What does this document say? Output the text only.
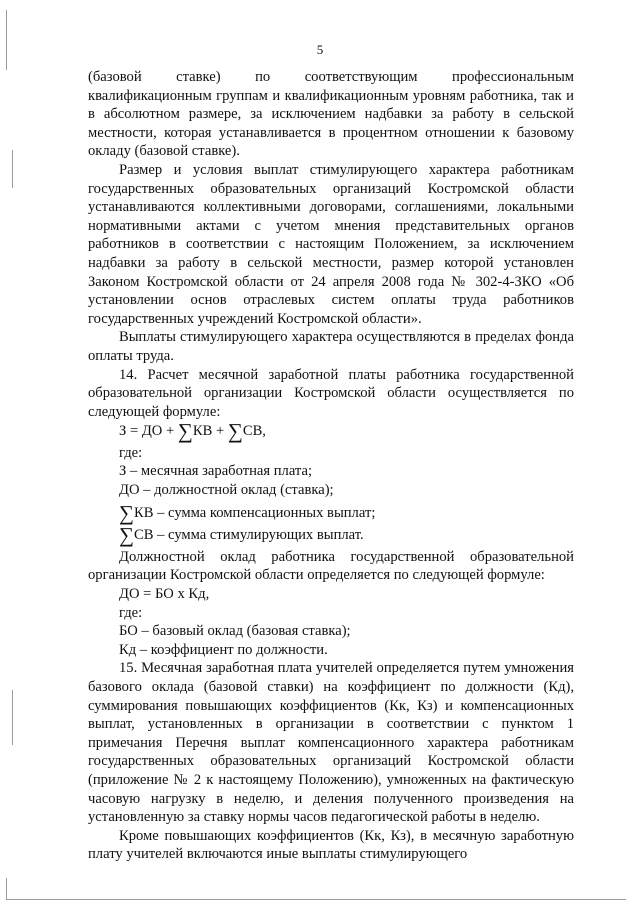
5

(базовой ставке) по соответствующим профессиональным квалификационным группам и квалификационным уровням работника, так и в абсолютном размере, за исключением надбавки за работу в сельской местности, которая устанавливается в процентном отношении к базовому окладу (базовой ставке).

Размер и условия выплат стимулирующего характера работникам государственных образовательных организаций Костромской области устанавливаются коллективными договорами, соглашениями, локальными нормативными актами с учетом мнения представительных органов работников в соответствии с настоящим Положением, за исключением надбавки за работу в сельской местности, размер которой установлен Законом Костромской области от 24 апреля 2008 года № 302-4-ЗКО «Об установлении основ отраслевых систем оплаты труда работников государственных учреждений Костромской области».

Выплаты стимулирующего характера осуществляются в пределах фонда оплаты труда.

14. Расчет месячной заработной платы работника государственной образовательной организации Костромской области осуществляется по следующей формуле:

З = ДО + ∑КВ + ∑СВ,
где:
З – месячная заработная плата;
ДО – должностной оклад (ставка);
∑КВ – сумма компенсационных выплат;
∑СВ – сумма стимулирующих выплат.

Должностной оклад работника государственной образовательной организации Костромской области определяется по следующей формуле:

ДО = БО х Кд,
где:
БО – базовый оклад (базовая ставка);
Кд – коэффициент по должности.

15. Месячная заработная плата учителей определяется путем умножения базового оклада (базовой ставки) на коэффициент по должности (Кд), суммирования повышающих коэффициентов (Кк, Кз) и компенсационных выплат, установленных в организации в соответствии с пунктом 1 примечания Перечня выплат компенсационного характера работникам государственных образовательных организаций Костромской области (приложение № 2 к настоящему Положению), умноженных на фактическую часовую нагрузку в неделю, и деления полученного произведения на установленную за ставку нормы часов педагогической работы в неделю.

Кроме повышающих коэффициентов (Кк, Кз), в месячную заработную плату учителей включаются иные выплаты стимулирующего
